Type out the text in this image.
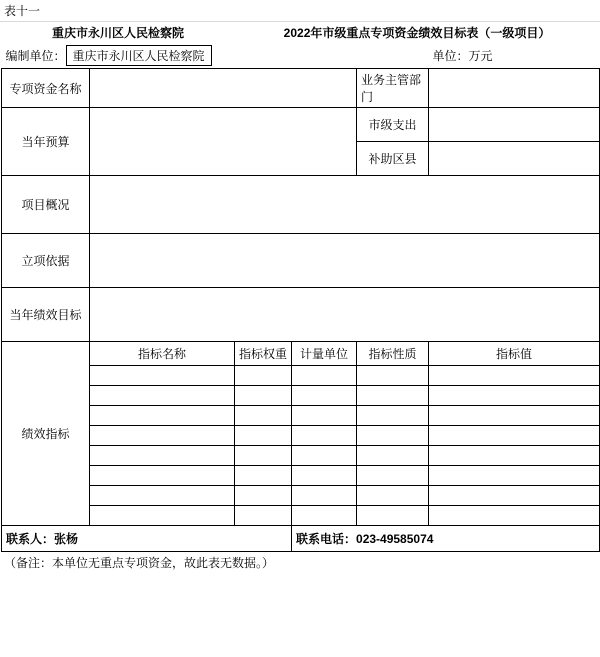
表十一
重庆市永川区人民检察院		2022年市级重点专项资金绩效目标表（一级项目）			
编制单位： 重庆市永川区人民检察院					单位：万元
专项资金名称				业务主管部门	
当年预算				市级支出	
				补助区县	
项目概况					
立项依据					
当年绩效目标					
绩效指标	指标名称	指标权重	计量单位	指标性质	指标值

联系人：张杨			联系电话：023-49585074		
（备注：本单位无重点专项资金，故此表无数据。）
